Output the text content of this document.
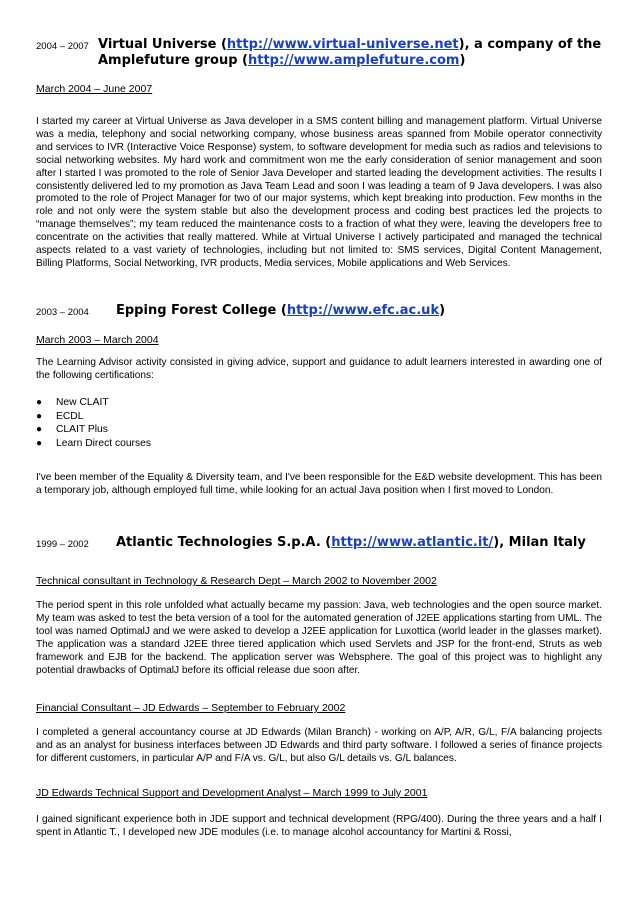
2004 – 2007 Virtual Universe (http://www.virtual-universe.net), a company of the
Amplefuture group (http://www.amplefuture.com)
March 2004 – June 2007

I started my career at Virtual Universe as Java developer in a SMS content billing and management platform. Virtual Universe was a media, telephony and social networking company, whose business areas spanned from Mobile operator connectivity and services to IVR (Interactive Voice Response) system, to software development for media such as radios and televisions to social networking websites. My hard work and commitment won me the early consideration of senior management and soon after I started I was promoted to the role of Senior Java Developer and started leading the development activities. The results I consistently delivered led to my promotion as Java Team Lead and soon I was leading a team of 9 Java developers. I was also promoted to the role of Project Manager for two of our major systems, which kept breaking into production. Few months in the role and not only were the system stable but also the development process and coding best practices led the projects to “manage themselves”; my team reduced the maintenance costs to a fraction of what they were, leaving the developers free to concentrate on the activities that really mattered. While at Virtual Universe I actively participated and managed the technical aspects related to a vast variety of technologies, including but not limited to: SMS services, Digital Content Management, Billing Platforms, Social Networking, IVR products, Media services, Mobile applications and Web Services.

2003 – 2004 Epping Forest College (http://www.efc.ac.uk)
March 2003 – March 2004

The Learning Advisor activity consisted in giving advice, support and guidance to adult learners interested in awarding one of the following certifications:

● New CLAIT
● ECDL
● CLAIT Plus
● Learn Direct courses

I've been member of the Equality & Diversity team, and I've been responsible for the E&D website development. This has been a temporary job, although employed full time, while looking for an actual Java position when I first moved to London.

1999 – 2002 Atlantic Technologies S.p.A. (http://www.atlantic.it/), Milan Italy
Technical consultant in Technology & Research Dept – March 2002 to November 2002

The period spent in this role unfolded what actually became my passion: Java, web technologies and the open source market. My team was asked to test the beta version of a tool for the automated generation of J2EE applications starting from UML. The tool was named OptimalJ and we were asked to develop a J2EE application for Luxottica (world leader in the glasses market). The application was a standard J2EE three tiered application which used Servlets and JSP for the front-end, Struts as web framework and EJB for the backend. The application server was Websphere. The goal of this project was to highlight any potential drawbacks of OptimalJ before its official release due soon after.

Financial Consultant – JD Edwards – September to February 2002

I completed a general accountancy course at JD Edwards (Milan Branch) - working on A/P, A/R, G/L, F/A balancing projects and as an analyst for business interfaces between JD Edwards and third party software. I followed a series of finance projects for different customers, in particular A/P and F/A vs. G/L, but also G/L details vs. G/L balances.

JD Edwards Technical Support and Development Analyst – March 1999 to July 2001

I gained significant experience both in JDE support and technical development (RPG/400). During the three years and a half I spent in Atlantic T., I developed new JDE modules (i.e. to manage alcohol accountancy for Martini & Rossi,
